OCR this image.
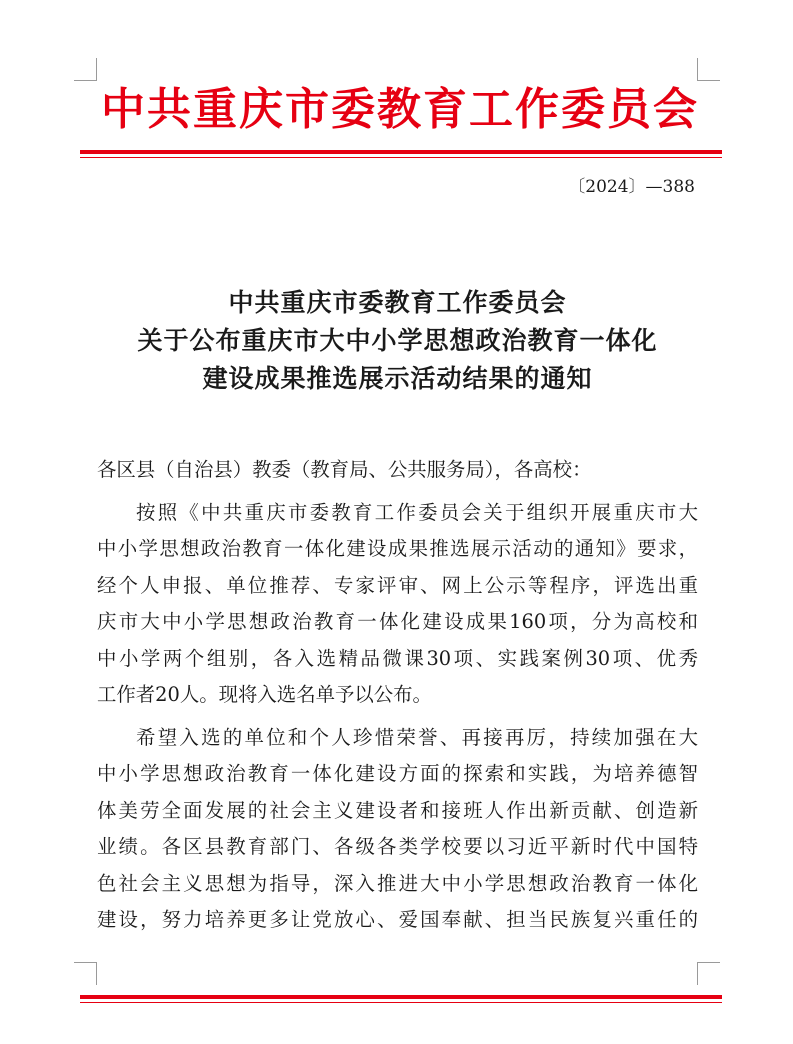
中共重庆市委教育工作委员会
〔2024〕—388
中共重庆市委教育工作委员会
关于公布重庆市大中小学思想政治教育一体化
建设成果推选展示活动结果的通知
各区县（自治县）教委（教育局、公共服务局），各高校：
按照《中共重庆市委教育工作委员会关于组织开展重庆市大
中小学思想政治教育一体化建设成果推选展示活动的通知》要求，
经个人申报、单位推荐、专家评审、网上公示等程序，评选出重
庆市大中小学思想政治教育一体化建设成果160项，分为高校和
中小学两个组别，各入选精品微课30项、实践案例30项、优秀
工作者20人。现将入选名单予以公布。
希望入选的单位和个人珍惜荣誉、再接再厉，持续加强在大
中小学思想政治教育一体化建设方面的探索和实践，为培养德智
体美劳全面发展的社会主义建设者和接班人作出新贡献、创造新
业绩。各区县教育部门、各级各类学校要以习近平新时代中国特
色社会主义思想为指导，深入推进大中小学思想政治教育一体化
建设，努力培养更多让党放心、爱国奉献、担当民族复兴重任的
